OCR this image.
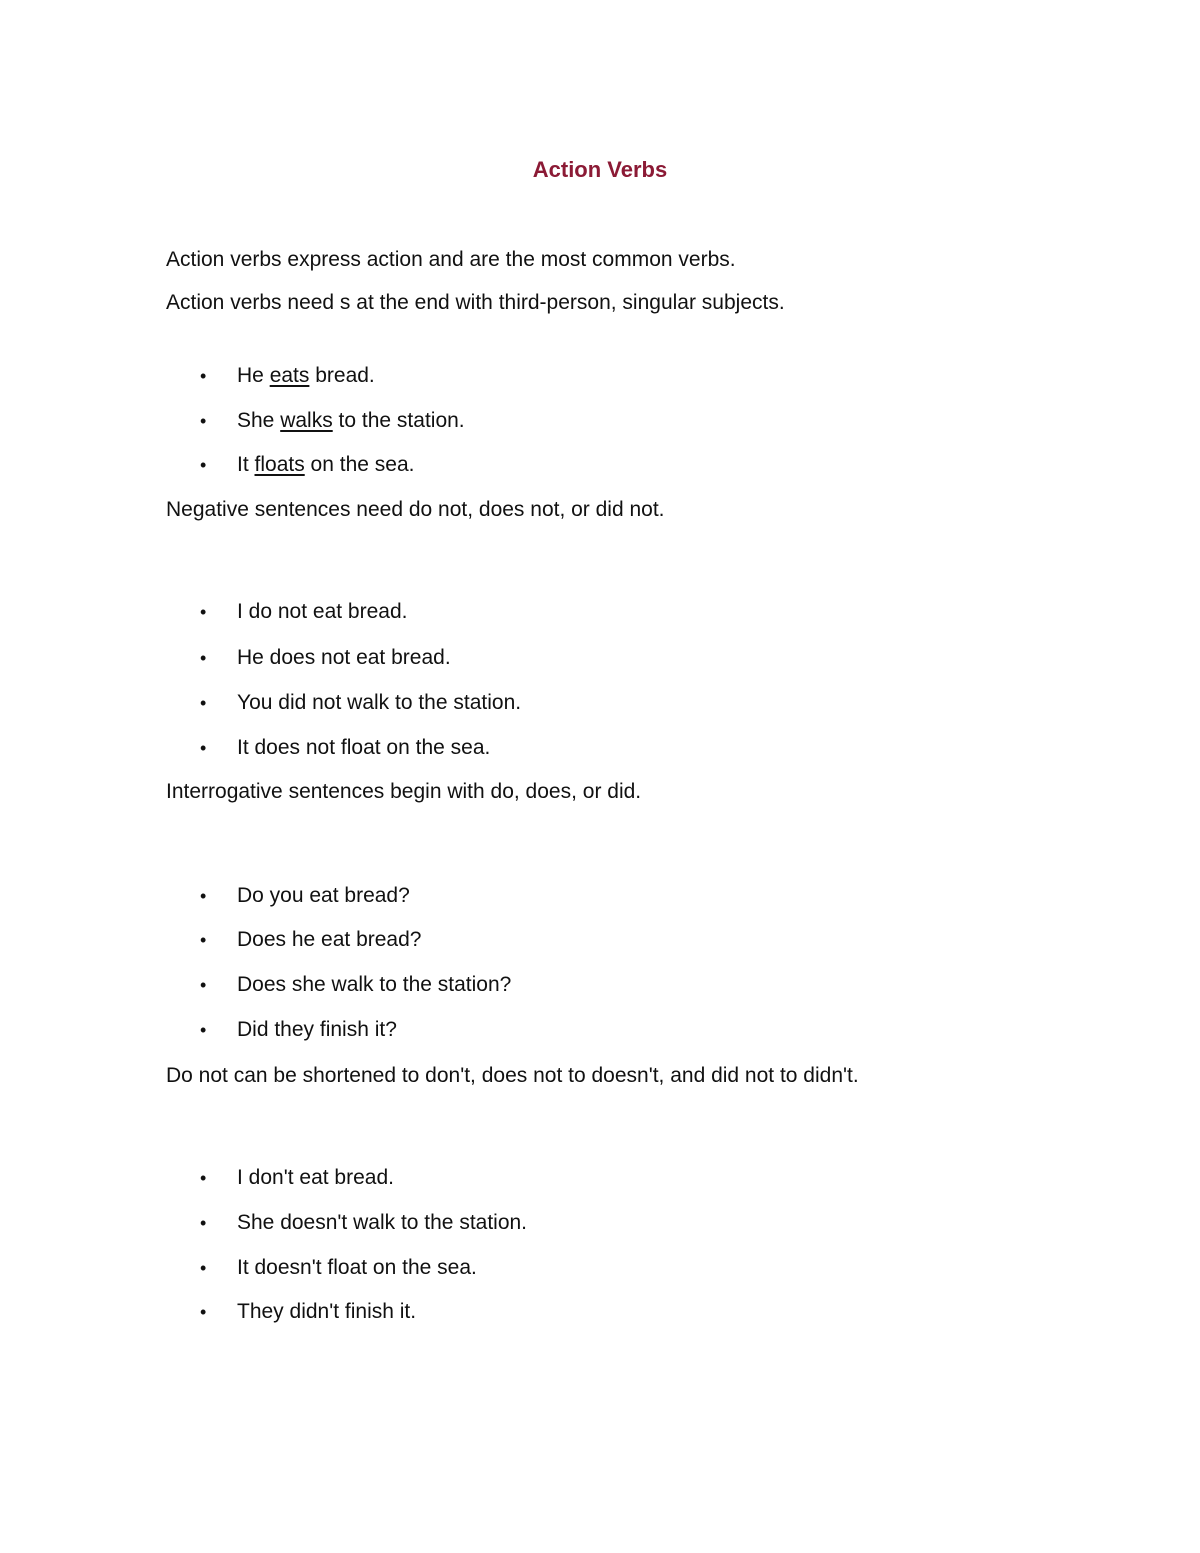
Action Verbs
Action verbs express action and are the most common verbs.
Action verbs need s at the end with third-person, singular subjects.
• He eats bread.
• She walks to the station.
• It floats on the sea.
Negative sentences need do not, does not, or did not.
• I do not eat bread.
• He does not eat bread.
• You did not walk to the station.
• It does not float on the sea.
Interrogative sentences begin with do, does, or did.
• Do you eat bread?
• Does he eat bread?
• Does she walk to the station?
• Did they finish it?
Do not can be shortened to don't, does not to doesn't, and did not to didn't.
• I don't eat bread.
• She doesn't walk to the station.
• It doesn't float on the sea.
• They didn't finish it.
